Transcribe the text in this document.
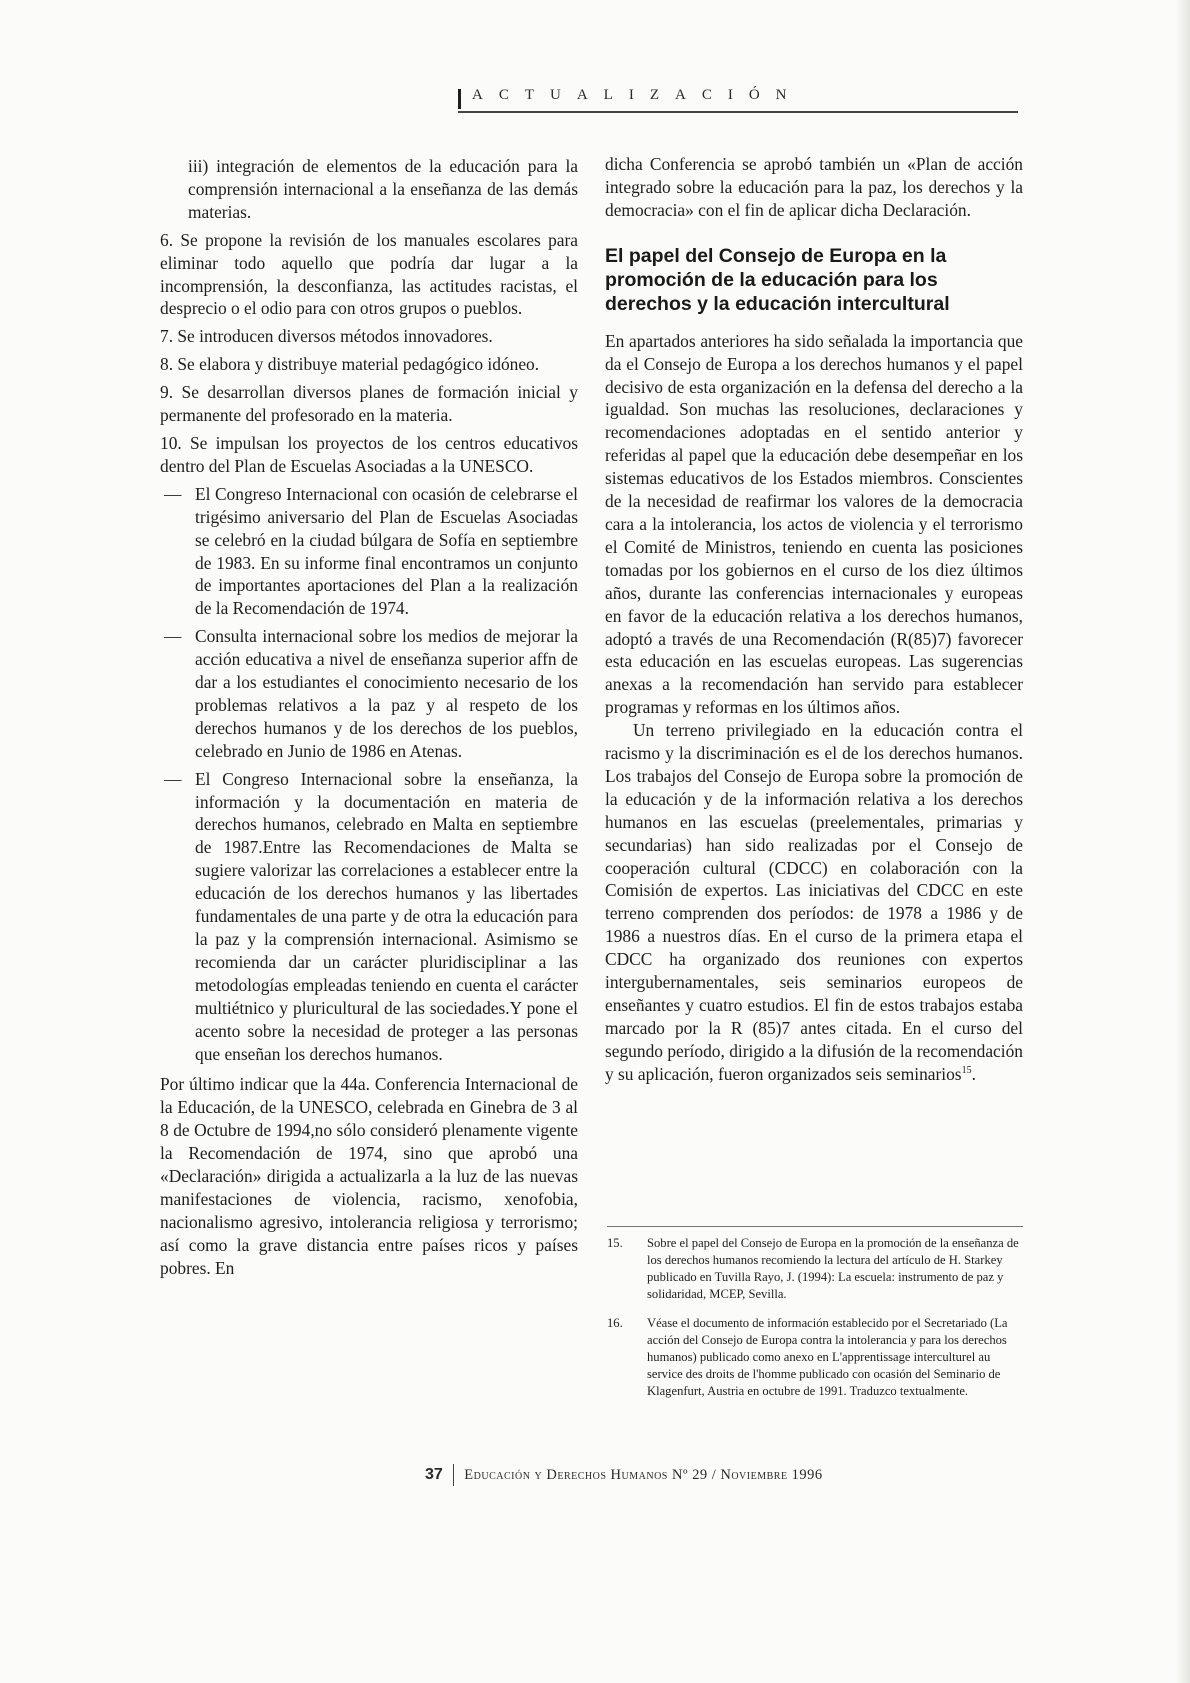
ACTUALIZACIÓN

iii) integración de elementos de la educación para la comprensión internacional a la enseñanza de las demás materias.

6. Se propone la revisión de los manuales escolares para eliminar todo aquello que podría dar lugar a la incomprensión, la desconfianza, las actitudes racistas, el desprecio o el odio para con otros grupos o pueblos.

7. Se introducen diversos métodos innovadores.

8. Se elabora y distribuye material pedagógico idóneo.

9. Se desarrollan diversos planes de formación inicial y permanente del profesorado en la materia.

10. Se impulsan los proyectos de los centros educativos dentro del Plan de Escuelas Asociadas a la UNESCO.

— El Congreso Internacional con ocasión de celebrarse el trigésimo aniversario del Plan de Escuelas Asociadas se celebró en la ciudad búlgara de Sofía en septiembre de 1983. En su informe final encontramos un conjunto de importantes aportaciones del Plan a la realización de la Recomendación de 1974.
— Consulta internacional sobre los medios de mejorar la acción educativa a nivel de enseñanza superior affn de dar a los estudiantes el conocimiento necesario de los problemas relativos a la paz y al respeto de los derechos humanos y de los derechos de los pueblos, celebrado en Junio de 1986 en Atenas.
— El Congreso Internacional sobre la enseñanza, la información y la documentación en materia de derechos humanos, celebrado en Malta en septiembre de 1987.Entre las Recomendaciones de Malta se sugiere valorizar las correlaciones a establecer entre la educación de los derechos humanos y las libertades fundamentales de una parte y de otra la educación para la paz y la comprensión internacional. Asimismo se recomienda dar un carácter pluridisciplinar a las metodologías empleadas teniendo en cuenta el carácter multiétnico y pluricultural de las sociedades.Y pone el acento sobre la necesidad de proteger a las personas que enseñan los derechos humanos.

Por último indicar que la 44a. Conferencia Internacional de la Educación, de la UNESCO, celebrada en Ginebra de 3 al 8 de Octubre de 1994,no sólo consideró plenamente vigente la Recomendación de 1974, sino que aprobó una «Declaración» dirigida a actualizarla a la luz de las nuevas manifestaciones de violencia, racismo, xenofobia, nacionalismo agresivo, intolerancia religiosa y terrorismo; así como la grave distancia entre países ricos y países pobres. En

dicha Conferencia se aprobó también un «Plan de acción integrado sobre la educación para la paz, los derechos y la democracia» con el fin de aplicar dicha Declaración.

El papel del Consejo de Europa en la promoción de la educación para los derechos y la educación intercultural

En apartados anteriores ha sido señalada la importancia que da el Consejo de Europa a los derechos humanos y el papel decisivo de esta organización en la defensa del derecho a la igualdad. Son muchas las resoluciones, declaraciones y recomendaciones adoptadas en el sentido anterior y referidas al papel que la educación debe desempeñar en los sistemas educativos de los Estados miembros. Conscientes de la necesidad de reafirmar los valores de la democracia cara a la intolerancia, los actos de violencia y el terrorismo el Comité de Ministros, teniendo en cuenta las posiciones tomadas por los gobiernos en el curso de los diez últimos años, durante las conferencias internacionales y europeas en favor de la educación relativa a los derechos humanos, adoptó a través de una Recomendación (R(85)7) favorecer esta educación en las escuelas europeas. Las sugerencias anexas a la recomendación han servido para establecer programas y reformas en los últimos años.

Un terreno privilegiado en la educación contra el racismo y la discriminación es el de los derechos humanos. Los trabajos del Consejo de Europa sobre la promoción de la educación y de la información relativa a los derechos humanos en las escuelas (preelementales, primarias y secundarias) han sido realizadas por el Consejo de cooperación cultural (CDCC) en colaboración con la Comisión de expertos. Las iniciativas del CDCC en este terreno comprenden dos períodos: de 1978 a 1986 y de 1986 a nuestros días. En el curso de la primera etapa el CDCC ha organizado dos reuniones con expertos intergubernamentales, seis seminarios europeos de enseñantes y cuatro estudios. El fin de estos trabajos estaba marcado por la R (85)7 antes citada. En el curso del segundo período, dirigido a la difusión de la recomendación y su aplicación, fueron organizados seis seminarios$^{15}$.

15.	Sobre el papel del Consejo de Europa en la promoción de la enseñanza de los derechos humanos recomiendo la lectura del artículo de H. Starkey publicado en Tuvilla Rayo, J. (1994): La escuela: instrumento de paz y solidaridad, MCEP, Sevilla.
16.	Véase el documento de información establecido por el Secretariado (La acción del Consejo de Europa contra la intolerancia y para los derechos humanos) publicado como anexo en L'apprentissage interculturel au service des droits de l'homme publicado con ocasión del Seminario de Klagenfurt, Austria en octubre de 1991. Traduzco textualmente.
37 Educación y Derechos Humanos Nº 29 / Noviembre 1996
